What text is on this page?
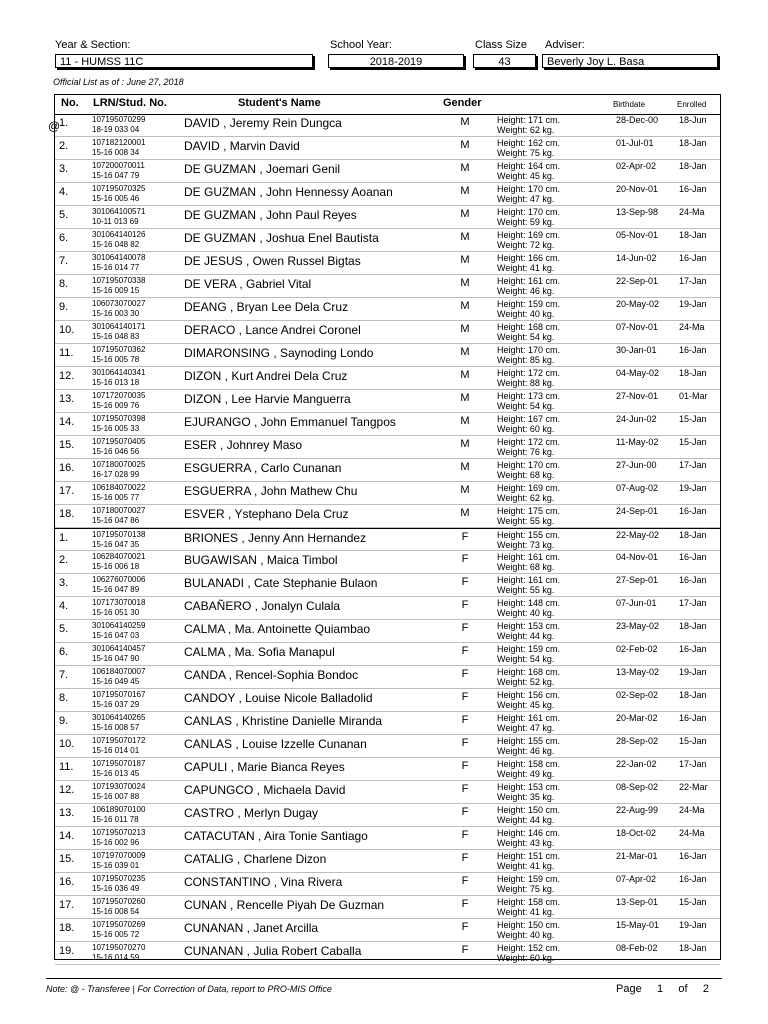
Year & Section:
11 - HUMSS 11C
School Year:
2018-2019
Class Size
43
Adviser:
Beverly Joy L. Basa
Official List as of : June 27, 2018
No. LRN/Stud. No.	Student's Name	Gender	Birthdate	Enrolled
@
1.	107195070299
18-19 033 04	DAVID , Jeremy Rein Dungca	M	Height: 171 cm.
Weight: 62 kg.
28-Dec-00 18-Jun
2.	107182120001
15-16 008 34	DAVID , Marvin David	M	Height: 162 cm.
Weight: 75 kg.
01-Jul-01	18-Jan
3.	107200070011
15-16 047 79	DE GUZMAN , Joemari Genil	M	Height: 164 cm.
Weight: 45 kg.
02-Apr-02	18-Jan
4.	107195070325
15-16 005 46	DE GUZMAN , John Hennessy Aoanan	M	Height: 170 cm.
Weight: 47 kg.
20-Nov-01 16-Jan
5.	301064100571
10-11 013 69	DE GUZMAN , John Paul Reyes	M	Height: 170 cm.
Weight: 59 kg.
13-Sep-98 24-Ma
6.	301064140126
15-16 048 82	DE GUZMAN , Joshua Enel Bautista	M	Height: 169 cm.
Weight: 72 kg.
05-Nov-01 18-Jan
7.	301064140078
15-16 014 77	DE JESUS , Owen Russel Bigtas	M	Height: 166 cm.
Weight: 41 kg.
14-Jun-02 16-Jan
8.	107195070338
15-16 009 15	DE VERA , Gabriel Vital	M	Height: 161 cm.
Weight: 46 kg.
22-Sep-01 17-Jan
9.	106073070027
15-16 003 30	DEANG , Bryan Lee Dela Cruz	M	Height: 159 cm.
Weight: 40 kg.
20-May-02 19-Jan
10. 301064140171
15-16 048 83	DERACO , Lance Andrei Coronel	M	Height: 168 cm.
Weight: 54 kg.
07-Nov-01 24-Ma
11. 107195070362
15-16 005 78	DIMARONSING , Saynoding Londo	M	Height: 170 cm.
Weight: 85 kg.
30-Jan-01 16-Jan
12. 301064140341
15-16 013 18	DIZON , Kurt Andrei Dela Cruz	M	Height: 172 cm.
Weight: 88 kg.
04-May-02 18-Jan
13. 107172070035
15-16 009 76	DIZON , Lee Harvie Manguerra	M	Height: 173 cm.
Weight: 54 kg.
27-Nov-01 01-Mar
14. 107195070398
15-16 005 33	EJURANGO , John Emmanuel Tangpos	M	Height: 167 cm.
Weight: 60 kg.
24-Jun-02 15-Jan
15. 107195070405
15-16 046 56	ESER , Johnrey Maso	M	Height: 172 cm.
Weight: 76 kg.
11-May-02 15-Jan
16. 107180070025
16-17 028 99	ESGUERRA , Carlo Cunanan	M	Height: 170 cm.
Weight: 68 kg.
27-Jun-00 17-Jan
17. 106184070022
15-16 005 77	ESGUERRA , John Mathew Chu	M	Height: 169 cm.
Weight: 62 kg.
07-Aug-02 19-Jan
18. 107180070027
15-16 047 86	ESVER , Ystephano Dela Cruz	M	Height: 175 cm.
Weight: 55 kg.
24-Sep-01 16-Jan
1.	107195070138
15-16 047 35	BRIONES , Jenny Ann Hernandez	F	Height: 155 cm.
Weight: 73 kg.
22-May-02 18-Jan
2.	106284070021
15-16 006 18	BUGAWISAN , Maica Timbol	F	Height: 161 cm.
Weight: 68 kg.
04-Nov-01 16-Jan
3.	106276070006
15-16 047 89	BULANADI , Cate Stephanie Bulaon	F	Height: 161 cm.
Weight: 55 kg.
27-Sep-01 16-Jan
4.	107173070018
15-16 051 30	CABAÑERO , Jonalyn Culala	F	Height: 148 cm.
Weight: 40 kg.
07-Jun-01 17-Jan
5.	301064140259
15-16 047 03	CALMA , Ma. Antoinette Quiambao	F	Height: 153 cm.
Weight: 44 kg.
23-May-02 18-Jan
6.	301064140457
15-16 047 90	CALMA , Ma. Sofia Manapul	F	Height: 159 cm.
Weight: 54 kg.
02-Feb-02 16-Jan
7.	106184070007
15-16 049 45	CANDA , Rencel-Sophia Bondoc	F	Height: 168 cm.
Weight: 52 kg.
13-May-02 19-Jan
8.	107195070167
15-16 037 29	CANDOY , Louise Nicole Balladolid	F	Height: 156 cm.
Weight: 45 kg.
02-Sep-02 18-Jan
9.	301064140265
15-16 008 57	CANLAS , Khristine Danielle Miranda	F	Height: 161 cm.
Weight: 47 kg.
20-Mar-02 16-Jan
10. 107195070172
15-16 014 01	CANLAS , Louise Izzelle Cunanan	F	Height: 155 cm.
Weight: 46 kg.
28-Sep-02 15-Jan
11. 107195070187
15-16 013 45	CAPULI , Marie Bianca Reyes	F	Height: 158 cm.
Weight: 49 kg.
22-Jan-02 17-Jan
12. 107193070024
15-16 007 88	CAPUNGCO , Michaela David	F	Height: 153 cm.
Weight: 35 kg.
08-Sep-02 22-Mar
13. 106189070100
15-16 011 78	CASTRO , Merlyn Dugay	F	Height: 150 cm.
Weight: 44 kg.
22-Aug-99 24-Ma
14. 107195070213
15-16 002 96	CATACUTAN , Aira Tonie Santiago	F	Height: 146 cm.
Weight: 43 kg.
18-Oct-02	24-Ma
15. 107197070009
15-16 039 01	CATALIG , Charlene Dizon	F	Height: 151 cm.
Weight: 41 kg.
21-Mar-01 16-Jan
16. 107195070235
15-16 036 49	CONSTANTINO , Vina Rivera	F	Height: 159 cm.
Weight: 75 kg.
07-Apr-02	16-Jan
17. 107195070260
15-16 008 54	CUNAN , Rencelle Piyah De Guzman	F	Height: 158 cm.
Weight: 41 kg.
13-Sep-01 15-Jan
18. 107195070269
15-16 005 72	CUNANAN , Janet Arcilla	F	Height: 150 cm.
Weight: 40 kg.
15-May-01 19-Jan
19. 107195070270
15-16 014 59	CUNANAN , Julia Robert Caballa	F	Height: 152 cm.
Weight: 60 kg.
08-Feb-02 18-Jan
Note: @ - Transferee | For Correction of Data, report to PRO-MIS Office	Page 1 of 2
